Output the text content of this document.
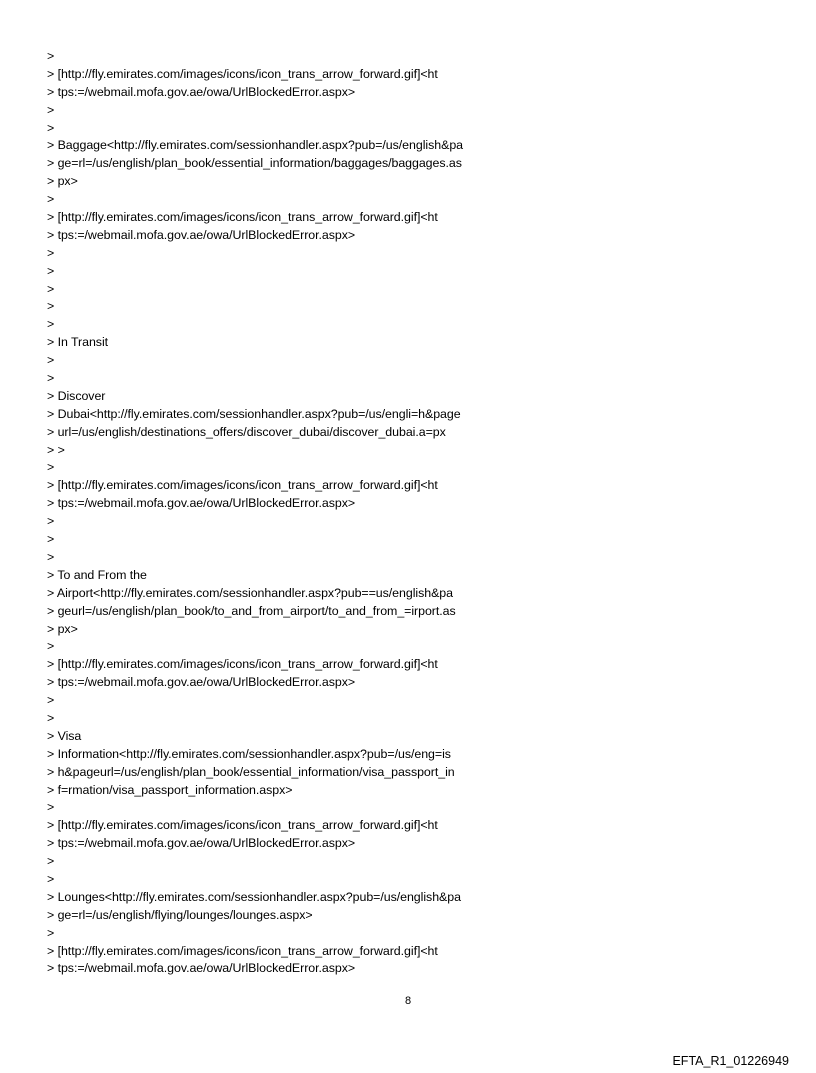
>
> [http://fly.emirates.com/images/icons/icon_trans_arrow_forward.gif]<ht
> tps:=/webmail.mofa.gov.ae/owa/UrlBlockedError.aspx>
>
>
> Baggage<http://fly.emirates.com/sessionhandler.aspx?pub=/us/english&pa
> ge=rl=/us/english/plan_book/essential_information/baggages/baggages.as
> px>
>
> [http://fly.emirates.com/images/icons/icon_trans_arrow_forward.gif]<ht
> tps:=/webmail.mofa.gov.ae/owa/UrlBlockedError.aspx>
>
>
>
>
>
> In Transit
>
>
> Discover
> Dubai<http://fly.emirates.com/sessionhandler.aspx?pub=/us/engli=h&page
> url=/us/english/destinations_offers/discover_dubai/discover_dubai.a=px
> >
>
> [http://fly.emirates.com/images/icons/icon_trans_arrow_forward.gif]<ht
> tps:=/webmail.mofa.gov.ae/owa/UrlBlockedError.aspx>
>
>
>
> To and From the
> Airport<http://fly.emirates.com/sessionhandler.aspx?pub==us/english&pa
> geurl=/us/english/plan_book/to_and_from_airport/to_and_from_=irport.as
> px>
>
> [http://fly.emirates.com/images/icons/icon_trans_arrow_forward.gif]<ht
> tps:=/webmail.mofa.gov.ae/owa/UrlBlockedError.aspx>
>
>
> Visa
> Information<http://fly.emirates.com/sessionhandler.aspx?pub=/us/eng=is
> h&pageurl=/us/english/plan_book/essential_information/visa_passport_in
> f=rmation/visa_passport_information.aspx>
>
> [http://fly.emirates.com/images/icons/icon_trans_arrow_forward.gif]<ht
> tps:=/webmail.mofa.gov.ae/owa/UrlBlockedError.aspx>
>
>
> Lounges<http://fly.emirates.com/sessionhandler.aspx?pub=/us/english&pa
> ge=rl=/us/english/flying/lounges/lounges.aspx>
>
> [http://fly.emirates.com/images/icons/icon_trans_arrow_forward.gif]<ht
> tps:=/webmail.mofa.gov.ae/owa/UrlBlockedError.aspx>
8
EFTA_R1_01226949
